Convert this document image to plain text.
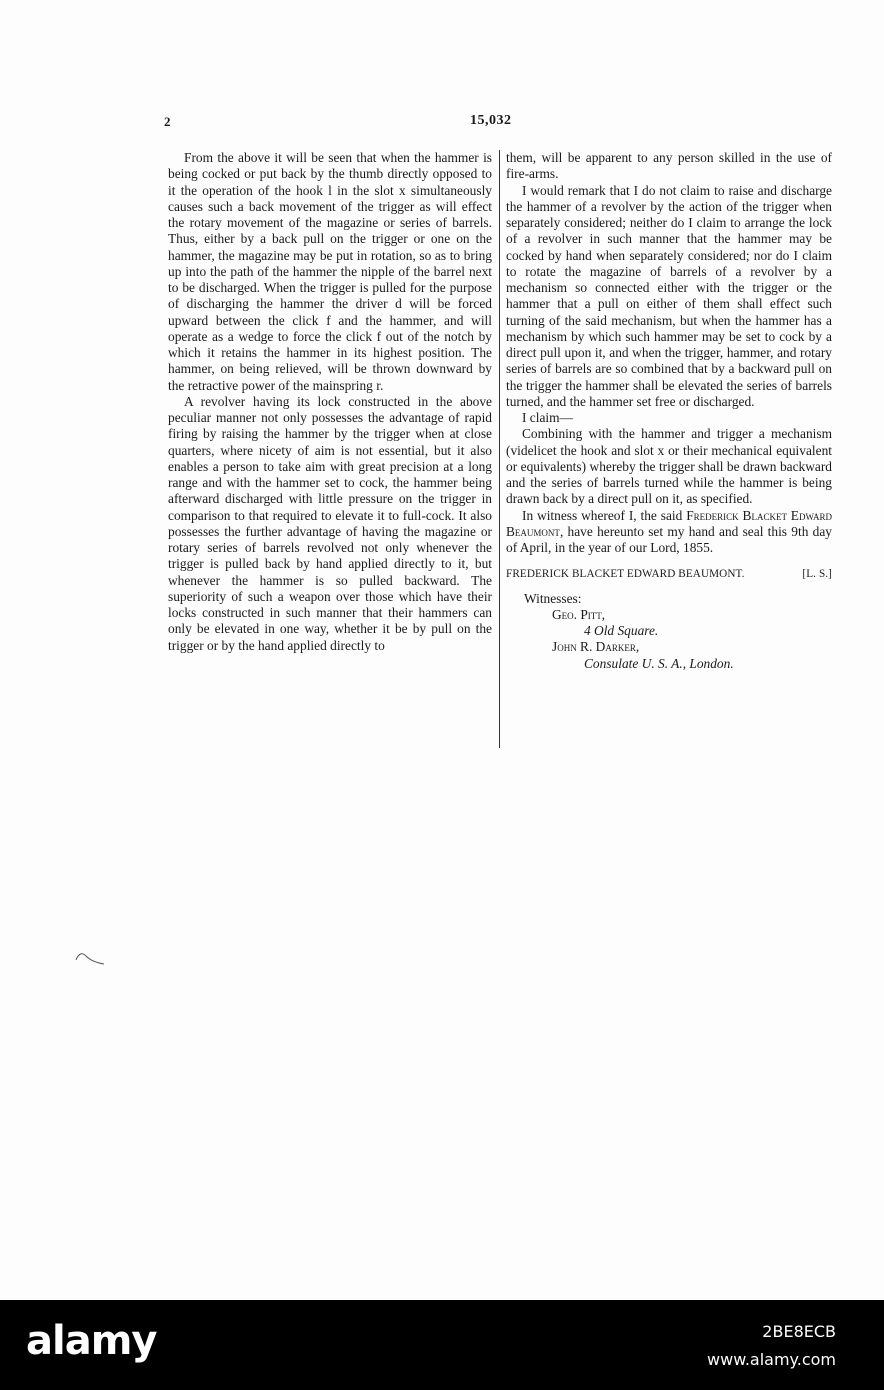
2	15,032

From the above it will be seen that when the hammer is being cocked or put back by the thumb directly opposed to it the operation of the hook l in the slot x simultaneously causes such a back movement of the trigger as will effect the rotary movement of the magazine or series of barrels. Thus, either by a back pull on the trigger or one on the hammer, the magazine may be put in rotation, so as to bring up into the path of the hammer the nipple of the barrel next to be discharged. When the trigger is pulled for the purpose of discharging the hammer the driver d will be forced upward between the click f and the hammer, and will operate as a wedge to force the click f out of the notch by which it retains the hammer in its highest position. The hammer, on being relieved, will be thrown downward by the retractive power of the mainspring r.

A revolver having its lock constructed in the above peculiar manner not only possesses the advantage of rapid firing by raising the hammer by the trigger when at close quarters, where nicety of aim is not essential, but it also enables a person to take aim with great precision at a long range and with the hammer set to cock, the hammer being afterward discharged with little pressure on the trigger in comparison to that required to elevate it to full-cock. It also possesses the further advantage of having the magazine or rotary series of barrels revolved not only whenever the trigger is pulled back by hand applied directly to it, but whenever the hammer is so pulled backward. The superiority of such a weapon over those which have their locks constructed in such manner that their hammers can only be elevated in one way, whether it be by pull on the trigger or by the hand applied directly to

them, will be apparent to any person skilled in the use of fire-arms.

I would remark that I do not claim to raise and discharge the hammer of a revolver by the action of the trigger when separately considered; neither do I claim to arrange the lock of a revolver in such manner that the hammer may be cocked by hand when separately considered; nor do I claim to rotate the magazine of barrels of a revolver by a mechanism so connected either with the trigger or the hammer that a pull on either of them shall effect such turning of the said mechanism, but when the hammer has a mechanism by which such hammer may be set to cock by a direct pull upon it, and when the trigger, hammer, and rotary series of barrels are so combined that by a backward pull on the trigger the hammer shall be elevated the series of barrels turned, and the hammer set free or discharged.

I claim—

Combining with the hammer and trigger a mechanism (videlicet the hook and slot x or their mechanical equivalent or equivalents) whereby the trigger shall be drawn backward and the series of barrels turned while the hammer is being drawn back by a direct pull on it, as specified.

In witness whereof I, the said Frederick Blacket Edward Beaumont, have hereunto set my hand and seal this 9th day of April, in the year of our Lord, 1855.

FREDERICK BLACKET EDWARD BEAUMONT.	[L. S.]
Witnesses:
Geo. Pitt,
4 Old Square.
John R. Darker,
Consulate U. S. A., London.
alamy	2BE8ECB
www.alamy.com
